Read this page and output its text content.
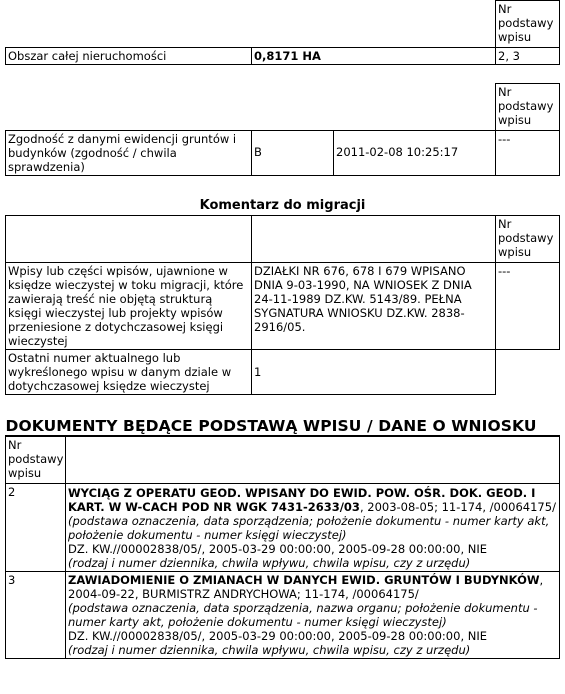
		Nr podstawy wpisu
Obszar całej nieruchomości	0,8171 HA	2, 3
			Nr podstawy wpisu
Zgodność z danymi ewidencji gruntów i budynków (zgodność / chwila sprawdzenia)	B	2011-02-08 10:25:17	---
Komentarz do migracji		
		Nr podstawy wpisu
Wpisy lub części wpisów, ujawnione w księdze wieczystej w toku migracji, które zawierają treść nie objętą strukturą księgi wieczystej lub projekty wpisów przeniesione z dotychczasowej księgi wieczystej	DZIAŁKI NR 676, 678 I 679 WPISANO DNIA 9-03-1990, NA WNIOSEK Z DNIA 24-11-1989 DZ.KW. 5143/89. PEŁNA SYGNATURA WNIOSKU DZ.KW. 2838-2916/05.	---
Ostatni numer aktualnego lub wykreślonego wpisu w danym dziale w dotychczasowej księdze wieczystej	1	
DOKUMENTY BĘDĄCE PODSTAWĄ WPISU / DANE O WNIOSKU	
Nr podstawy wpisu	
2	WYCIĄG Z OPERATU GEOD. WPISANY DO EWID. POW. OŚR. DOK. GEOD. I KART. W W-CACH POD NR WGK 7431-2633/03, 2003-08-05; 11-174, /00064175/

(podstawa oznaczenia, data sporządzenia; położenie dokumentu - numer karty akt, położenie dokumentu - numer księgi wieczystej)

DZ. KW.//00002838/05/, 2005-03-29 00:00:00, 2005-09-28 00:00:00, NIE

(rodzaj i numer dziennika, chwila wpływu, chwila wpisu, czy z urzędu)

3	ZAWIADOMIENIE O ZMIANACH W DANYCH EWID. GRUNTÓW I BUDYNKÓW, 2004-09-22, BURMISTRZ ANDRYCHOWA; 11-174, /00064175/

(podstawa oznaczenia, data sporządzenia, nazwa organu; położenie dokumentu - numer karty akt, położenie dokumentu - numer księgi wieczystej)

DZ. KW.//00002838/05/, 2005-03-29 00:00:00, 2005-09-28 00:00:00, NIE

(rodzaj i numer dziennika, chwila wpływu, chwila wpisu, czy z urzędu)
